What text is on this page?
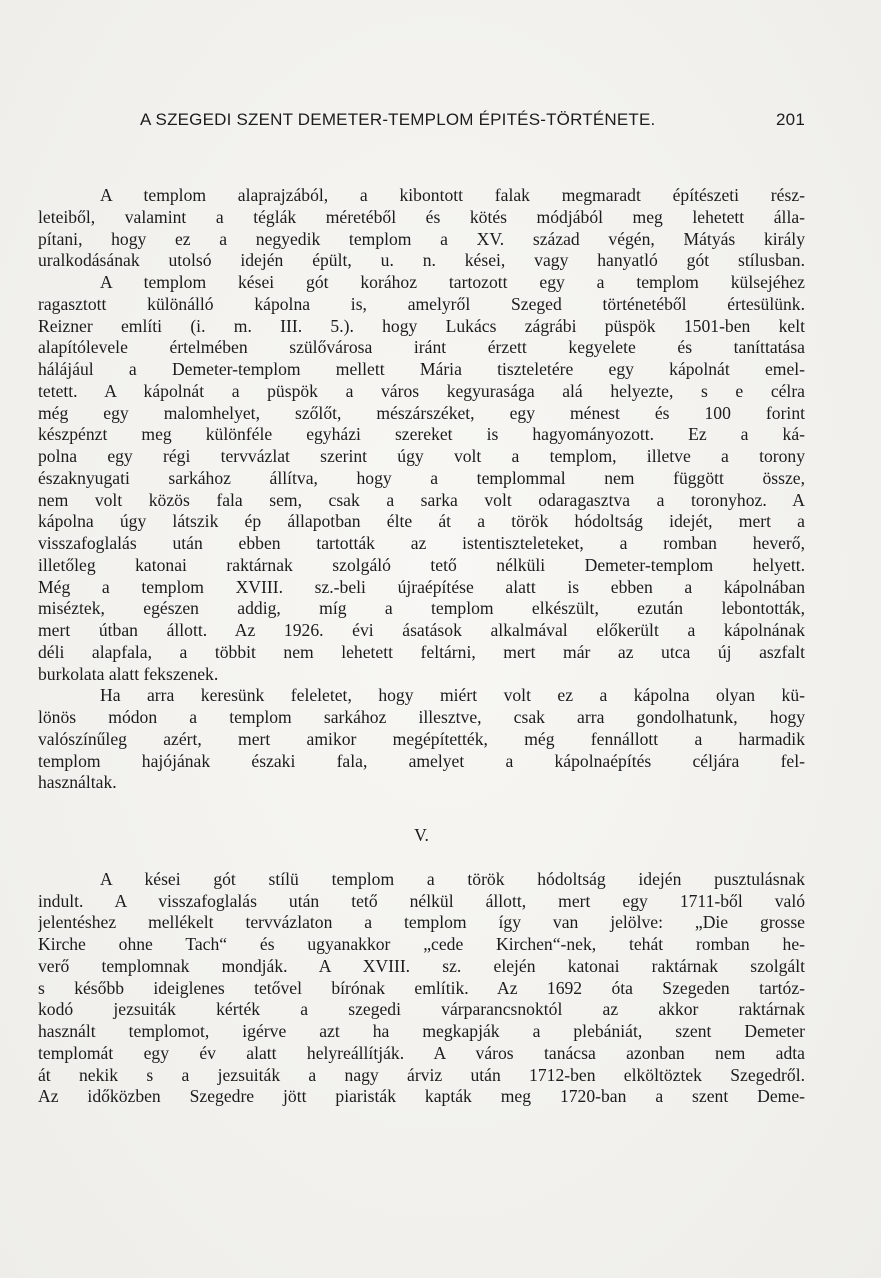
A SZEGEDI SZENT DEMETER-TEMPLOM ÉPITÉS-TÖRTÉNETE.	201
A templom alaprajzából, a kibontott falak megmaradt építészeti rész-
leteiből, valamint a téglák méretéből és kötés módjából meg lehetett álla-
pítani, hogy ez a negyedik templom a XV. század végén, Mátyás király
uralkodásának utolsó idején épült, u. n. kései, vagy hanyatló gót stílusban.
A templom kései gót korához tartozott egy a templom külsejéhez
ragasztott különálló kápolna is, amelyről Szeged történetéből értesülünk.
Reizner említi (i. m. III. 5.). hogy Lukács zágrábi püspök 1501-ben kelt
alapítólevele értelmében szülővárosa iránt érzett kegyelete és taníttatása
hálájául a Demeter-templom mellett Mária tiszteletére egy kápolnát emel-
tetett. A kápolnát a püspök a város kegyurasága alá helyezte, s e célra
még egy malomhelyet, szőlőt, mészárszéket, egy ménest és 100 forint
készpénzt meg különféle egyházi szereket is hagyományozott. Ez a ká-
polna egy régi tervvázlat szerint úgy volt a templom, illetve a torony
északnyugati sarkához állítva, hogy a templommal nem függött össze,
nem volt közös fala sem, csak a sarka volt odaragasztva a toronyhoz. A
kápolna úgy látszik ép állapotban élte át a török hódoltság idejét, mert a
visszafoglalás után ebben tartották az istentiszteleteket, a romban heverő,
illetőleg katonai raktárnak szolgáló tető nélküli Demeter-templom helyett.
Még a templom XVIII. sz.-beli újraépítése alatt is ebben a kápolnában
miséztek, egészen addig, míg a templom elkészült, ezután lebontották,
mert útban állott. Az 1926. évi ásatások alkalmával előkerült a kápolnának
déli alapfala, a többit nem lehetett feltárni, mert már az utca új aszfalt
burkolata alatt fekszenek.
Ha arra keresünk feleletet, hogy miért volt ez a kápolna olyan kü-
lönös módon a templom sarkához illesztve, csak arra gondolhatunk, hogy
valószínűleg azért, mert amikor megépítették, még fennállott a harmadik
templom hajójának északi fala, amelyet a kápolnaépítés céljára fel-
használtak.
V.
A kései gót stílü templom a török hódoltság idején pusztulásnak
indult. A visszafoglalás után tető nélkül állott, mert egy 1711-ből való
jelentéshez mellékelt tervvázlaton a templom így van jelölve: „Die grosse
Kirche ohne Tach“ és ugyanakkor „cede Kirchen“-nek, tehát romban he-
verő templomnak mondják. A XVIII. sz. elején katonai raktárnak szolgált
s később ideiglenes tetővel bírónak említik. Az 1692 óta Szegeden tartóz-
kodó jezsuiták kérték a szegedi várparancsnoktól az akkor raktárnak
használt templomot, igérve azt ha megkapják a plebániát, szent Demeter
templomát egy év alatt helyreállítják. A város tanácsa azonban nem adta
át nekik s a jezsuiták a nagy árviz után 1712-ben elköltöztek Szegedről.
Az időközben Szegedre jött piaristák kapták meg 1720-ban a szent Deme-
